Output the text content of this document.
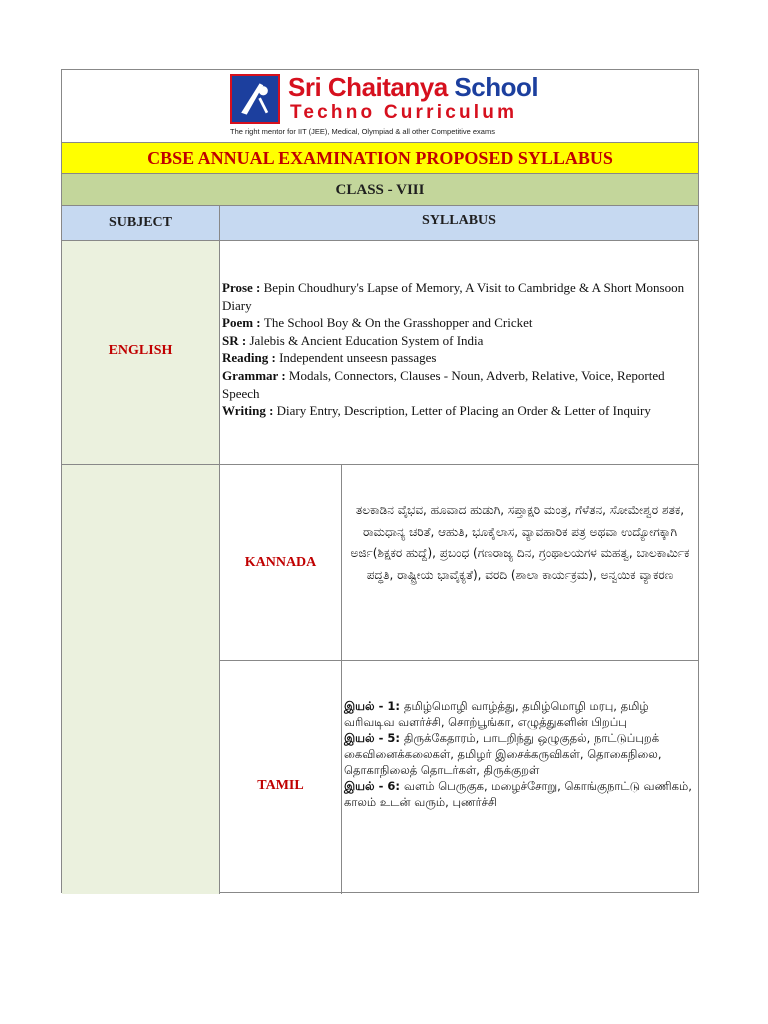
Sri Chaitanya School
Techno Curriculum
The right mentor for IIT (JEE), Medical, Olympiad & all other Competitive exams
CBSE ANNUAL EXAMINATION PROPOSED SYLLABUS
CLASS - VIII
SUBJECT	SYLLABUS
ENGLISH

Prose : Bepin Choudhury's Lapse of Memory, A Visit to Cambridge & A Short Monsoon Diary

Poem : The School Boy & On the Grasshopper and Cricket

SR : Jalebis & Ancient Education System of India

Reading : Independent unseesn passages

Grammar : Modals, Connectors, Clauses - Noun, Adverb, Relative, Voice, Reported Speech

Writing : Diary Entry, Description, Letter of Placing an Order & Letter of Inquiry

KANNADA
ತಲಕಾಡಿನ ವೈಭವ, ಹೂವಾದ ಹುಡುಗಿ, ಸಪ್ತಾಕ್ಷರಿ ಮಂತ್ರ, ಗೆಳೆತನ, ಸೋಮೇಶ್ವರ ಶತಕ, ರಾಮಧಾನ್ಯ ಚರಿತೆ, ಆಹುತಿ, ಭೂಕೈಲಾಸ, ವ್ಯಾವಹಾರಿಕ ಪತ್ರ ಅಥವಾ ಉದ್ಯೋಗಕ್ಕಾಗಿ ಅರ್ಜಿ(ಶಿಕ್ಷಕರ ಹುದ್ದೆ), ಪ್ರಬಂಧ (ಗಣರಾಜ್ಯ ದಿನ, ಗ್ರಂಥಾಲಯಗಳ ಮಹತ್ವ, ಬಾಲಕಾರ್ಮಿಕ ಪದ್ಧತಿ, ರಾಷ್ಟ್ರೀಯ ಭಾವೈಕ್ಯತೆ), ವರದಿ (ಶಾಲಾ ಕಾರ್ಯಕ್ರಮ), ಅನ್ವಯಿಕ ವ್ಯಾಕರಣ
TAMIL

இயல் - 1: தமிழ்மொழி வாழ்த்து, தமிழ்மொழி மரபு, தமிழ் வரிவடிவ வளர்ச்சி, சொற்பூங்கா, எழுத்துகளின் பிறப்பு

இயல் - 5: திருக்கேதாரம், பாடறிந்து ஒழுகுதல், நாட்டுப்புறக் கைவினைக்கலைகள், தமிழர் இசைக்கருவிகள், தொகைநிலை, தொகாநிலைத் தொடர்கள், திருக்குறள்

இயல் - 6: வளம் பெருகுக, மழைச்சோறு, கொங்குநாட்டு வணிகம், காலம் உடன் வரும், புணர்ச்சி
